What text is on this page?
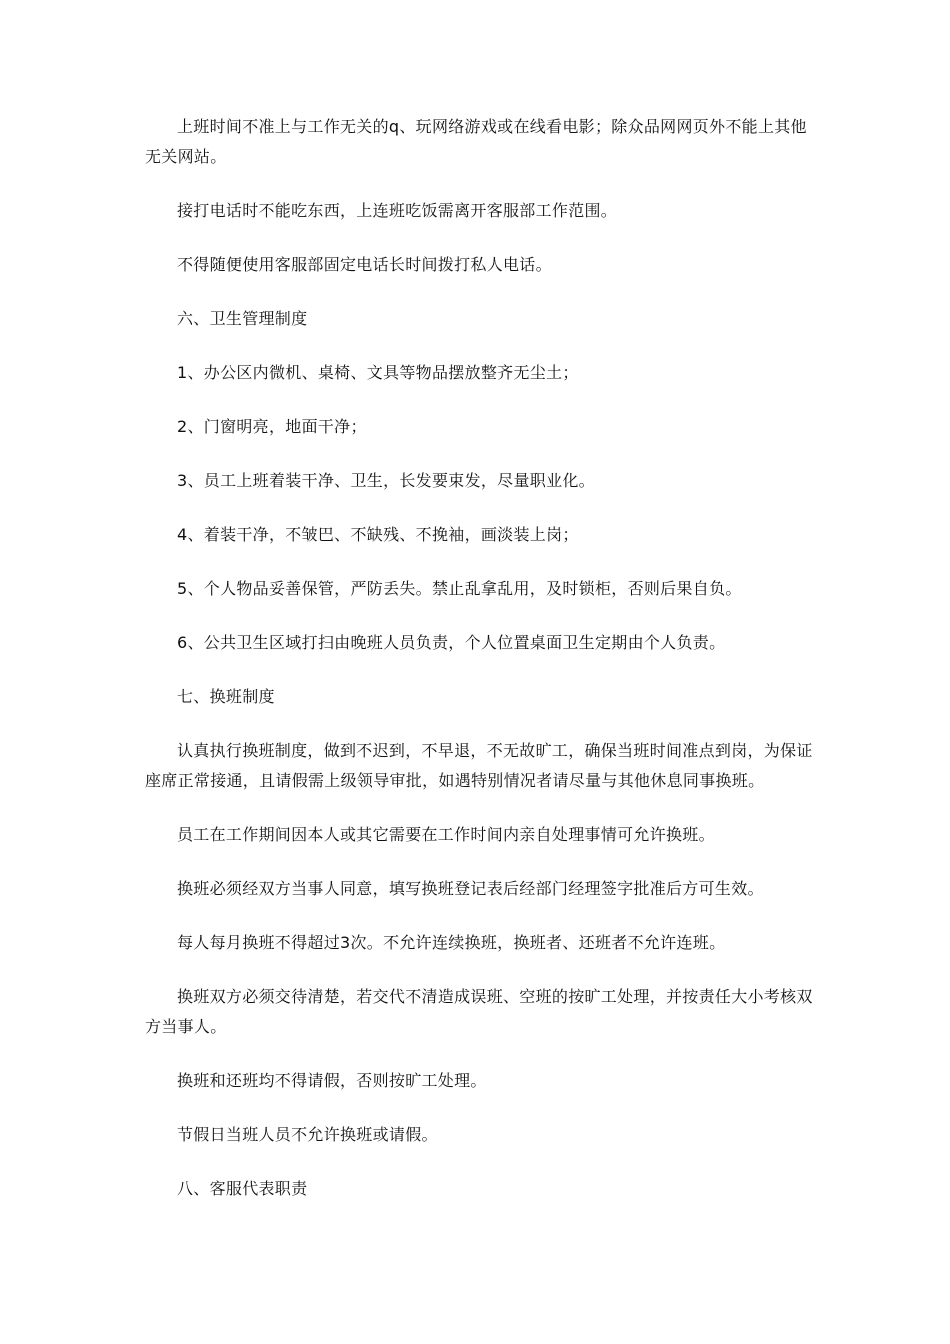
上班时间不准上与工作无关的q、玩网络游戏或在线看电影；除众品网网页外不能上其他无关网站。

接打电话时不能吃东西，上连班吃饭需离开客服部工作范围。

不得随便使用客服部固定电话长时间拨打私人电话。

六、卫生管理制度

1、办公区内微机、桌椅、文具等物品摆放整齐无尘土；

2、门窗明亮，地面干净；

3、员工上班着装干净、卫生，长发要束发，尽量职业化。

4、着装干净，不皱巴、不缺残、不挽袖，画淡装上岗；

5、个人物品妥善保管，严防丢失。禁止乱拿乱用，及时锁柜，否则后果自负。

6、公共卫生区域打扫由晚班人员负责，个人位置桌面卫生定期由个人负责。

七、换班制度

认真执行换班制度，做到不迟到，不早退，不无故旷工，确保当班时间准点到岗，为保证座席正常接通，且请假需上级领导审批，如遇特别情况者请尽量与其他休息同事换班。

员工在工作期间因本人或其它需要在工作时间内亲自处理事情可允许换班。

换班必须经双方当事人同意，填写换班登记表后经部门经理签字批准后方可生效。

每人每月换班不得超过3次。不允许连续换班，换班者、还班者不允许连班。

换班双方必须交待清楚，若交代不清造成误班、空班的按旷工处理，并按责任大小考核双方当事人。

换班和还班均不得请假，否则按旷工处理。

节假日当班人员不允许换班或请假。

八、客服代表职责
